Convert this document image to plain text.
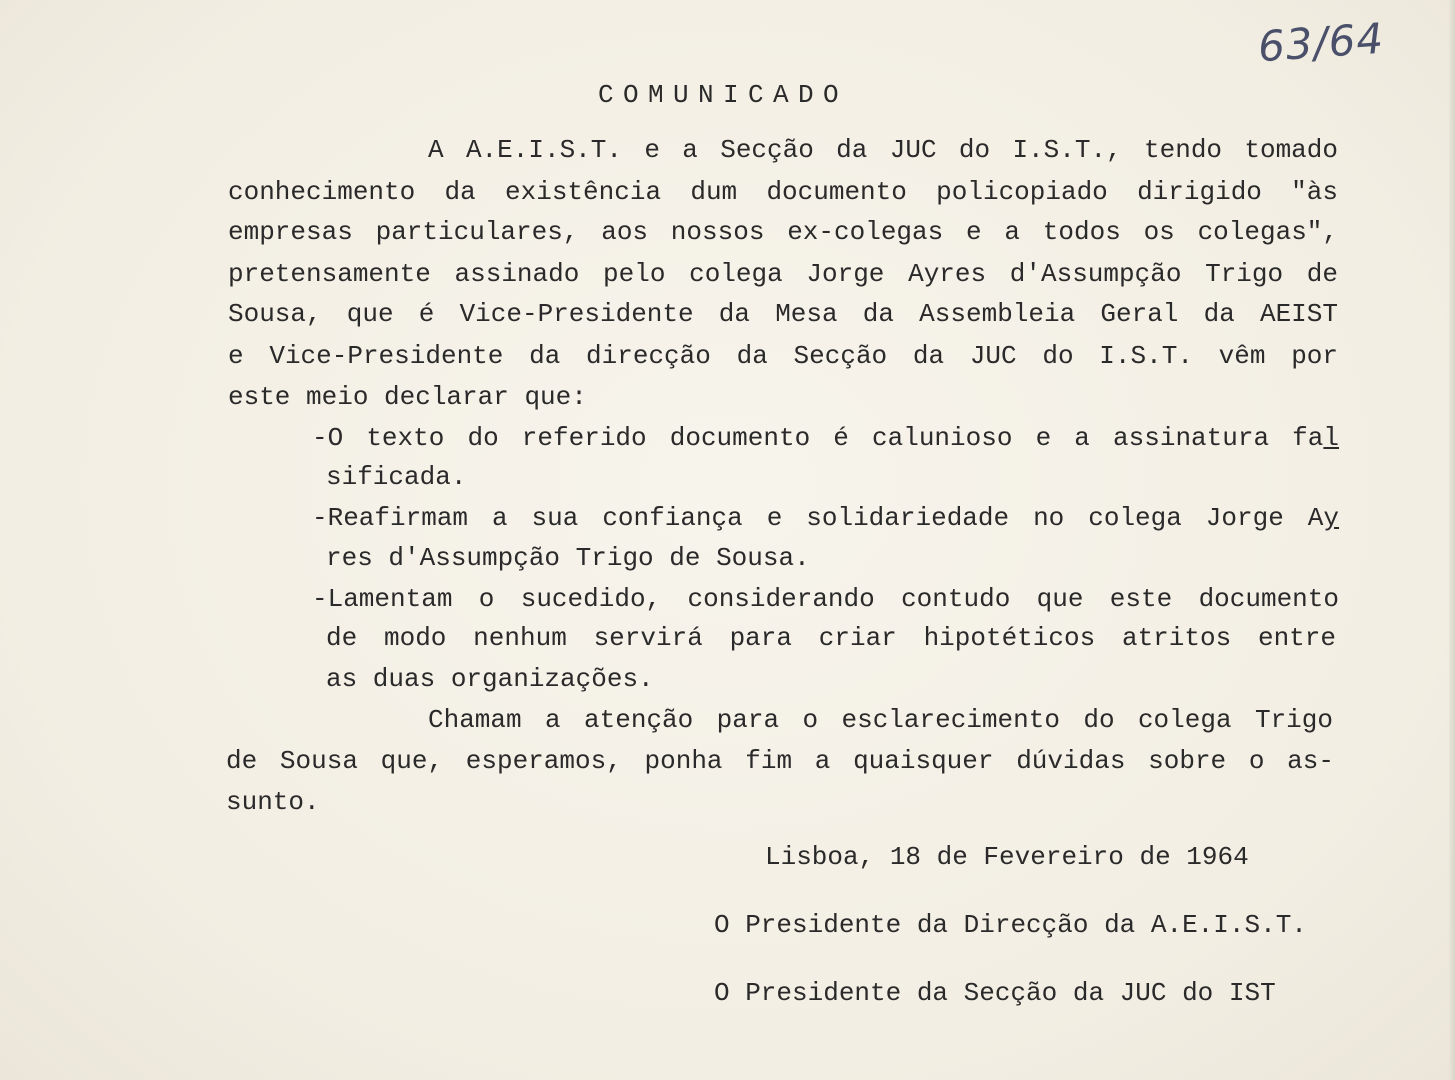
63/64
COMUNICADO
A A.E.I.S.T. e a Secção da JUC do I.S.T., tendo tomado
conhecimento da existência dum documento policopiado dirigido "às
empresas particulares, aos nossos ex-colegas e a todos os colegas",
pretensamente assinado pelo colega Jorge Ayres d'Assumpção Trigo de
Sousa, que é Vice-Presidente da Mesa da Assembleia Geral da AEIST
e Vice-Presidente da direcção da Secção da JUC do I.S.T. vêm por
este meio declarar que:
-O texto do referido documento é calunioso e a assinatura fal
sificada.
-Reafirmam a sua confiança e solidariedade no colega Jorge Ay
res d'Assumpção Trigo de Sousa.
-Lamentam o sucedido, considerando contudo que este documento
de modo nenhum servirá para criar hipotéticos atritos entre
as duas organizações.
Chamam a atenção para o esclarecimento do colega Trigo
de Sousa que, esperamos, ponha fim a quaisquer dúvidas sobre o as-
sunto.
Lisboa, 18 de Fevereiro de 1964
O Presidente da Direcção da A.E.I.S.T.
O Presidente da Secção da JUC do IST
